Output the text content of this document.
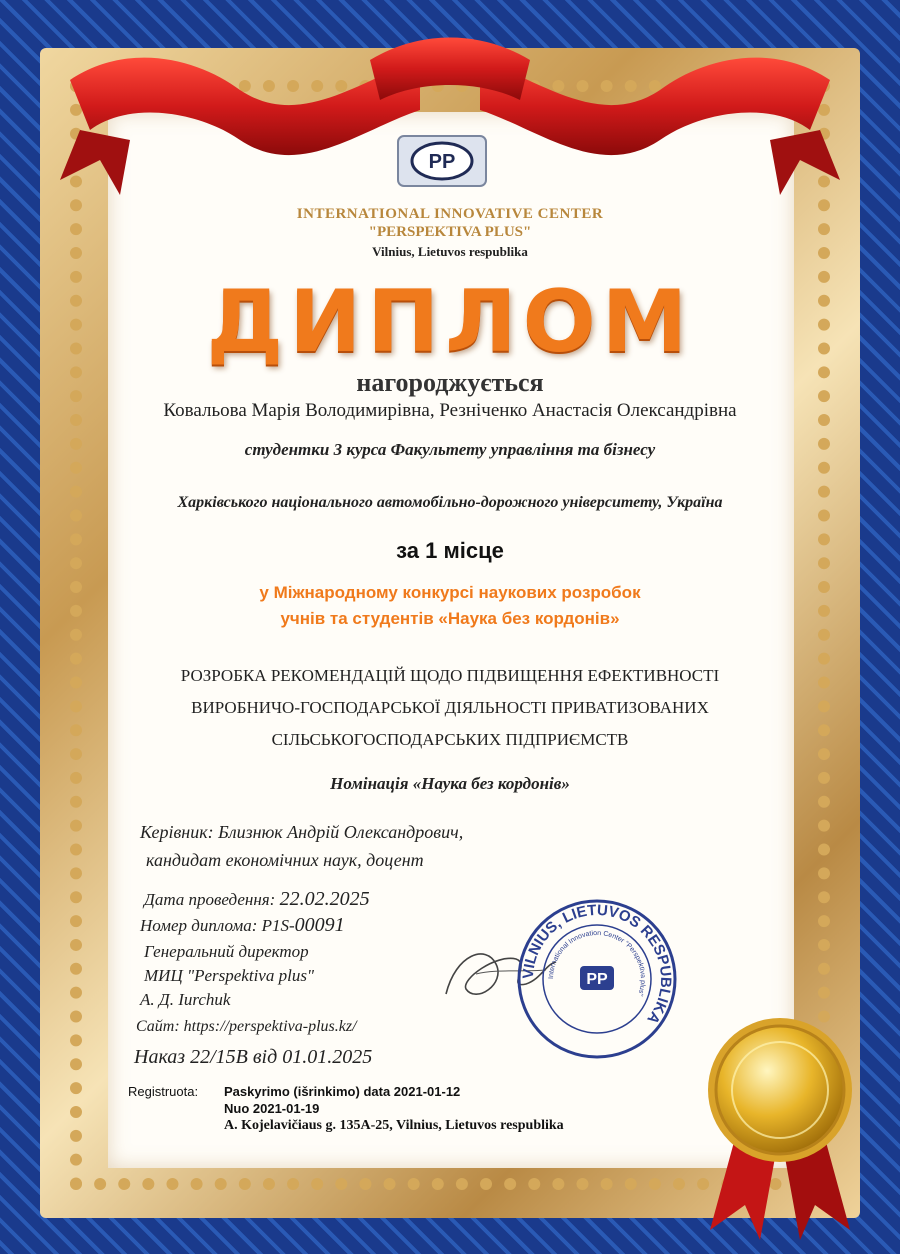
PP
INTERNATIONAL INNOVATIVE CENTER
"PERSPEKTIVA PLUS"
Vilnius, Lietuvos respublika
ДИПЛОМ
нагороджується
Ковальова Марія Володимирівна, Резніченко Анастасія Олександрівна
студентки 3 курса Факультету управління та бізнесу
Харківського національного автомобільно-дорожного університету, Україна
за 1 місце
у Міжнародному конкурсі наукових розробок
учнів та студентів «Наука без кордонів»
РОЗРОБКА РЕКОМЕНДАЦІЙ ЩОДО ПІДВИЩЕННЯ ЕФЕКТИВНОСТІ
ВИРОБНИЧО-ГОСПОДАРСЬКОЇ ДІЯЛЬНОСТІ ПРИВАТИЗОВАНИХ
СІЛЬСЬКОГОСПОДАРСЬКИХ ПІДПРИЄМСТВ
Номінація «Наука без кордонів»
Керівник: Близнюк Андрій Олександрович,
кандидат економічних наук, доцент
Дата проведення: 22.02.2025
Номер диплома: P1S-00091
Генеральний директор
МИЦ "Perspektiva plus"
А. Д. Iurchuk
Сайт: https://perspektiva-plus.kz/
Наказ 22/15В від 01.01.2025
Registruota: Paskyrimo (išrinkimo) data 2021-01-12
Nuo 2021-01-19
A. Kojelavičiaus g. 135A-25, Vilnius, Lietuvos respublika
VILNIUS, LIETUVOS RESPUBLIKA
International Innovation Center "Perspektiva plus"
PP
